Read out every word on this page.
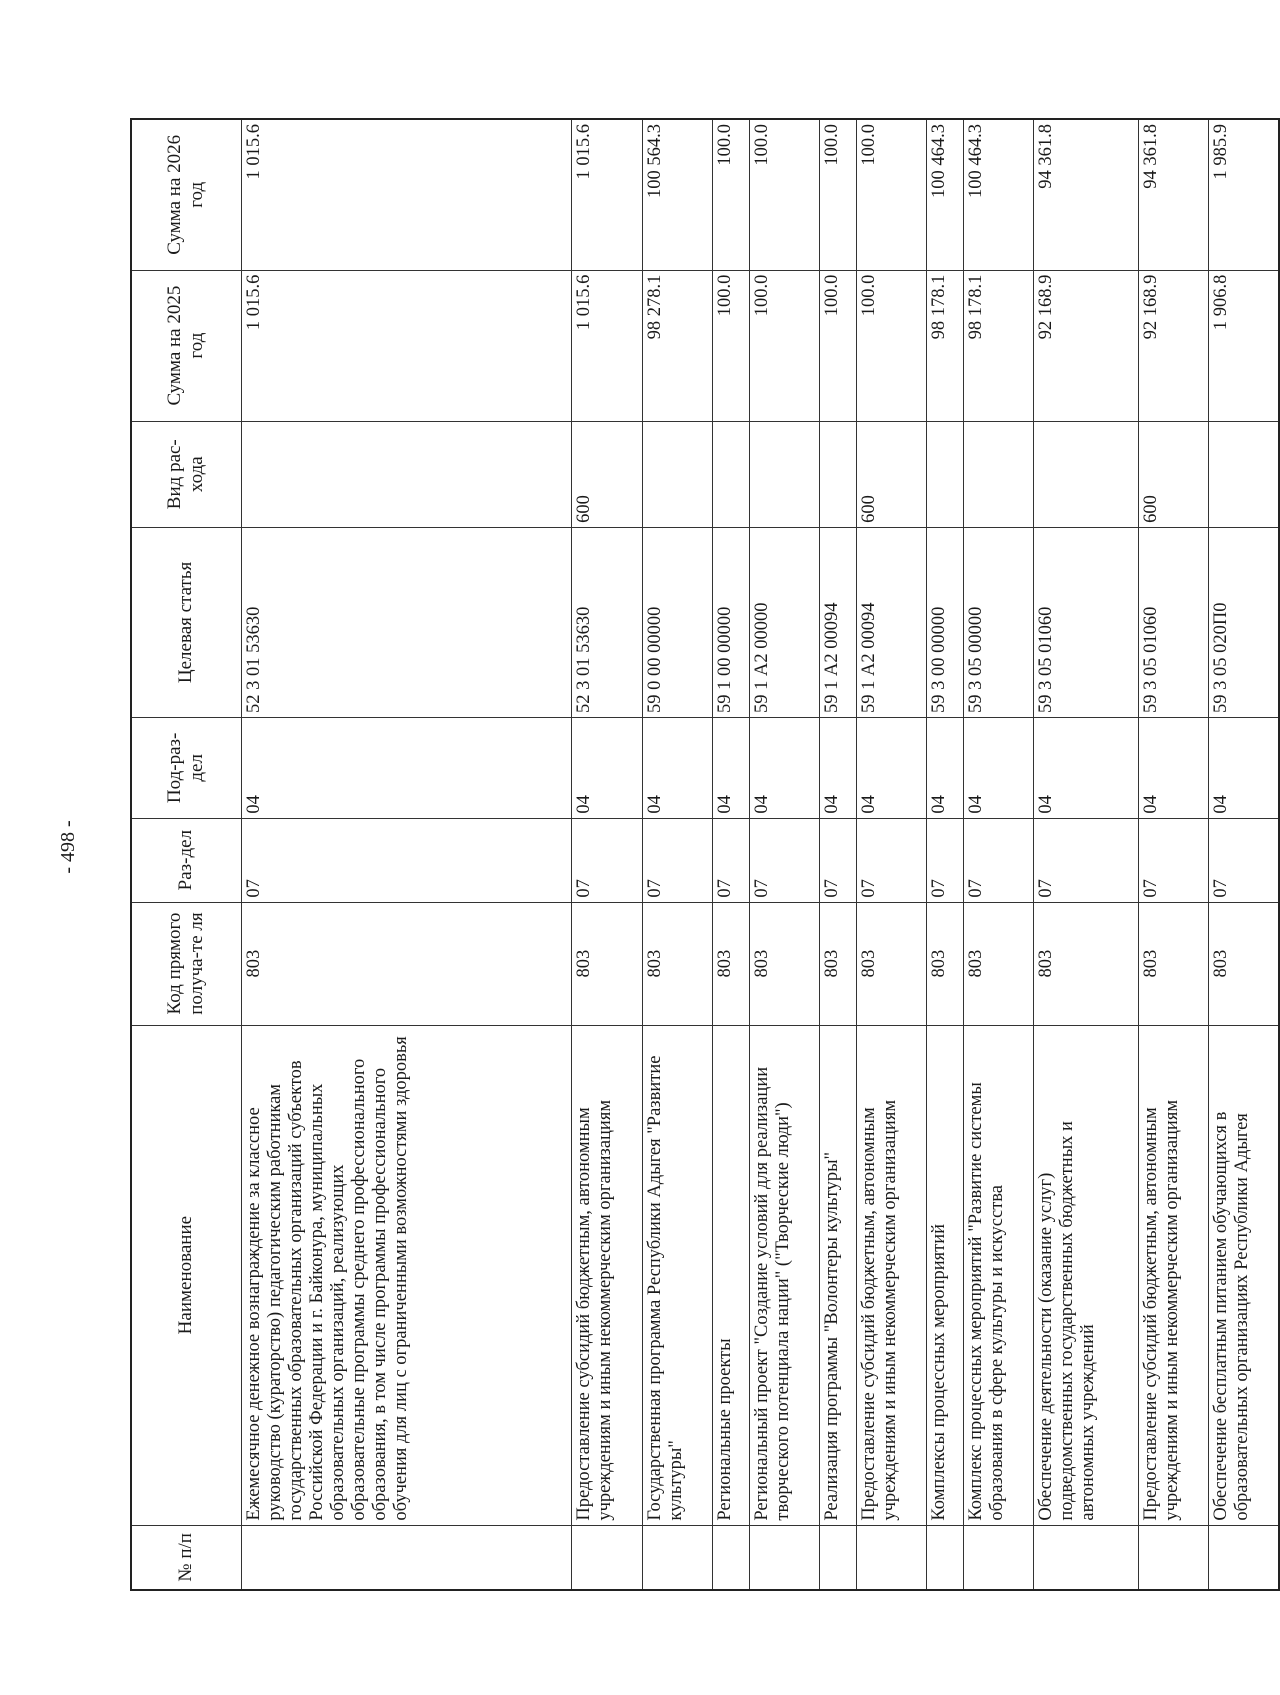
- 498 -
№ п/п	Наименование	Код прямого получа-те ля	Раз-дел	Под-раз-дел	Целевая статья	Вид рас-хода	Сумма на 2025 год	Сумма на 2026 год
	Ежемесячное денежное вознаграждение за классное руководство (кураторство) педагогическим работникам государственных образовательных организаций субъектов Российской Федерации и г. Байконура, муниципальных образовательных организаций, реализующих образовательные программы среднего профессионального образования, в том числе программы профессионального обучения для лиц с ограниченными возможностями здоровья	803	07	04	52 3 01 53630		1 015.6	1 015.6
	Предоставление субсидий бюджетным, автономным учреждениям и иным некоммерческим организациям	803	07	04	52 3 01 53630	600	1 015.6	1 015.6
	Государственная программа Республики Адыгея "Развитие культуры"	803	07	04	59 0 00 00000		98 278.1	100 564.3
	Региональные проекты	803	07	04	59 1 00 00000		100.0	100.0
	Региональный проект "Создание условий для реализации творческого потенциала нации" ("Творческие люди")	803	07	04	59 1 А2 00000		100.0	100.0
	Реализация программы "Волонтеры культуры"	803	07	04	59 1 А2 00094		100.0	100.0
	Предоставление субсидий бюджетным, автономным учреждениям и иным некоммерческим организациям	803	07	04	59 1 А2 00094	600	100.0	100.0
	Комплексы процессных мероприятий	803	07	04	59 3 00 00000		98 178.1	100 464.3
	Комплекс процессных мероприятий "Развитие системы образования в сфере культуры и искусства	803	07	04	59 3 05 00000		98 178.1	100 464.3
	Обеспечение деятельности (оказание услуг) подведомственных государственных бюджетных и автономных учреждений	803	07	04	59 3 05 01060		92 168.9	94 361.8
	Предоставление субсидий бюджетным, автономным учреждениям и иным некоммерческим организациям	803	07	04	59 3 05 01060	600	92 168.9	94 361.8
	Обеспечение бесплатным питанием обучающихся в образовательных организациях Республики Адыгея	803	07	04	59 3 05 020П0		1 906.8	1 985.9
